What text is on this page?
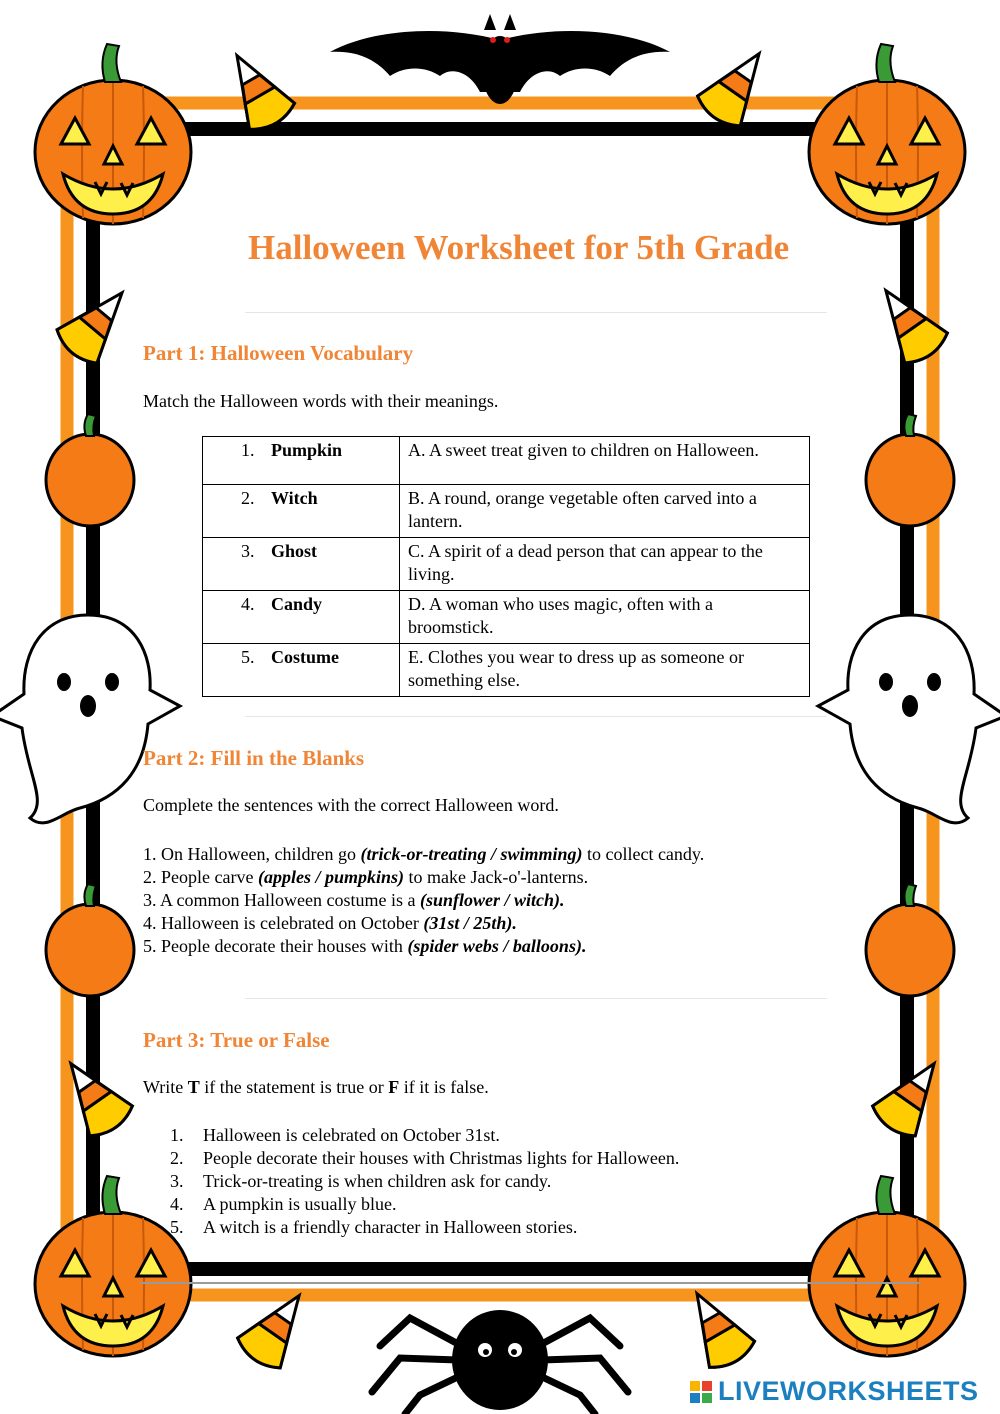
Halloween Worksheet for 5th Grade
Part 1: Halloween Vocabulary

Match the Halloween words with their meanings.

1. Pumpkin	A. A sweet treat given to children on Halloween.
2. Witch	B. A round, orange vegetable often carved into a lantern.
3. Ghost	C. A spirit of a dead person that can appear to the living.
4. Candy	D. A woman who uses magic, often with a broomstick.
5. Costume	E. Clothes you wear to dress up as someone or something else.
Part 2: Fill in the Blanks

Complete the sentences with the correct Halloween word.

1. On Halloween, children go (trick-or-treating / swimming) to collect candy.
2. People carve (apples / pumpkins) to make Jack-o'-lanterns.
3. A common Halloween costume is a (sunflower / witch).
4. Halloween is celebrated on October (31st / 25th).
5. People decorate their houses with (spider webs / balloons).
Part 3: True or False

Write T if the statement is true or F if it is false.

1. Halloween is celebrated on October 31st.
2. People decorate their houses with Christmas lights for Halloween.
3. Trick-or-treating is when children ask for candy.
4. A pumpkin is usually blue.
5. A witch is a friendly character in Halloween stories.
LIVEWORKSHEETS
